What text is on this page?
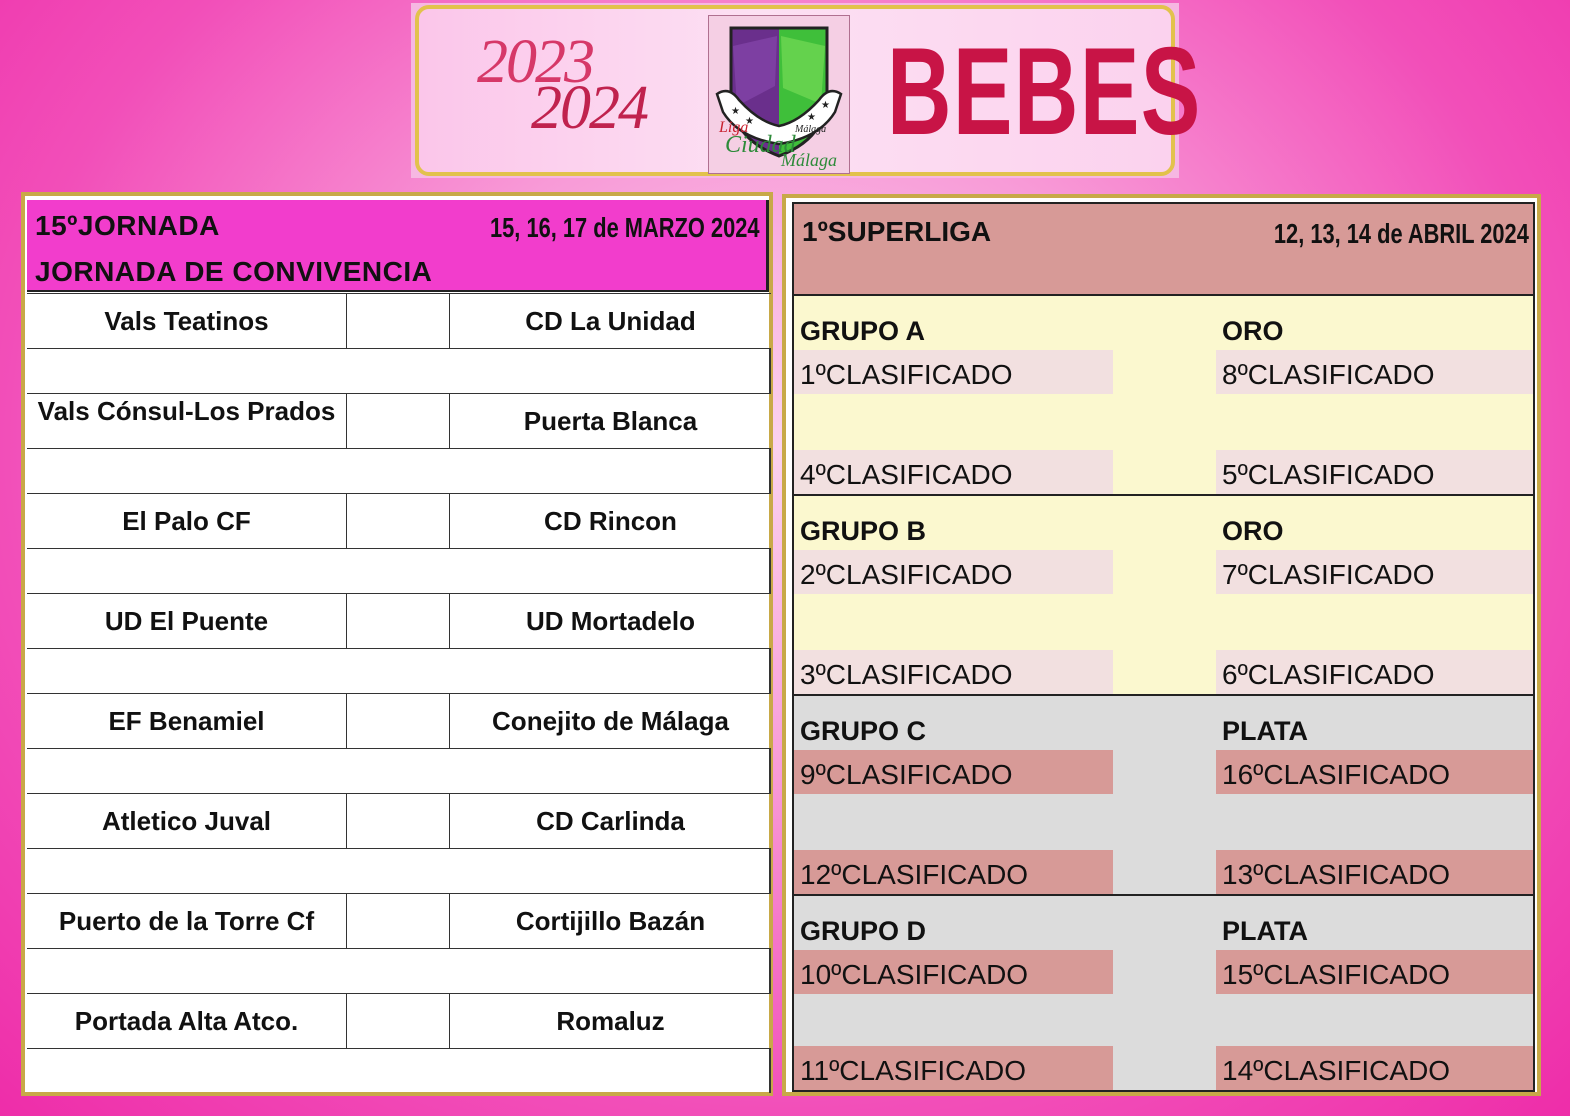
2023
2024	★
★	★
★
Liga
Ciudad
Málaga
Málaga BEBES
15ºJORNADA
JORNADA DE CONVIVENCIA
15, 16, 17 de MARZO 2024
Vals Teatinos	CD La Unidad
Vals Cónsul-Los Prados	Puerta Blanca
El Palo CF	CD Rincon
UD El Puente	UD Mortadelo
EF Benamiel	Conejito de Málaga
Atletico Juval	CD Carlinda
Puerto de la Torre Cf	Cortijillo Bazán
Portada Alta Atco.	Romaluz
1ºSUPERLIGA	12, 13, 14 de ABRIL 2024
GRUPO A	ORO
1ºCLASIFICADO	8ºCLASIFICADO
4ºCLASIFICADO	5ºCLASIFICADO
GRUPO B	ORO
2ºCLASIFICADO	7ºCLASIFICADO
3ºCLASIFICADO	6ºCLASIFICADO
GRUPO C	PLATA
9ºCLASIFICADO	16ºCLASIFICADO
12ºCLASIFICADO	13ºCLASIFICADO
GRUPO D	PLATA
10ºCLASIFICADO	15ºCLASIFICADO
11ºCLASIFICADO	14ºCLASIFICADO
